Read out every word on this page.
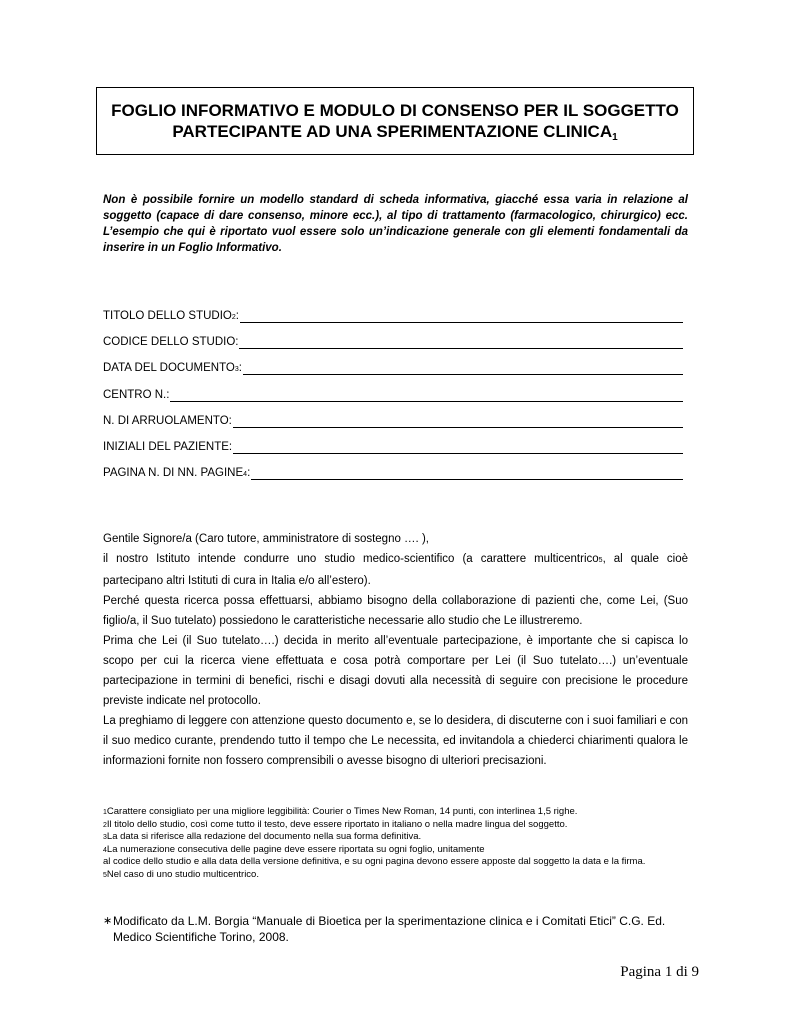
FOGLIO INFORMATIVO E MODULO DI CONSENSO PER IL SOGGETTO
PARTECIPANTE AD UNA SPERIMENTAZIONE $CLINICA_1$
Non è possibile fornire un modello standard di scheda informativa, giacché essa varia in relazione al soggetto (capace di dare consenso, minore ecc.), al tipo di trattamento (farmacologico, chirurgico) ecc. L’esempio che qui è riportato vuol essere solo un’indicazione generale con gli elementi fondamentali da inserire in un Foglio Informativo.
TITOLO DELLO STUDIO2:
CODICE DELLO STUDIO:
DATA DEL DOCUMENTO3:
CENTRO N.:
N. DI ARRUOLAMENTO:
INIZIALI DEL PAZIENTE:
PAGINA N. DI NN. PAGINE4:

Gentile Signore/a (Caro tutore, amministratore di sostegno …. ),

il nostro Istituto intende condurre uno studio medico-scientifico (a carattere multicentrico5, al quale cioè partecipano altri Istituti di cura in Italia e/o all’estero).

Perché questa ricerca possa effettuarsi, abbiamo bisogno della collaborazione di pazienti che, come Lei, (Suo figlio/a, il Suo tutelato) possiedono le caratteristiche necessarie allo studio che Le illustreremo.

Prima che Lei (il Suo tutelato….) decida in merito all’eventuale partecipazione, è importante che si capisca lo scopo per cui la ricerca viene effettuata e cosa potrà comportare per Lei (il Suo tutelato….) un’eventuale partecipazione in termini di benefici, rischi e disagi dovuti alla necessità di seguire con precisione le procedure previste indicate nel protocollo.

La preghiamo di leggere con attenzione questo documento e, se lo desidera, di discuterne con i suoi familiari e con il suo medico curante, prendendo tutto il tempo che Le necessita, ed invitandola a chiederci chiarimenti qualora le informazioni fornite non fossero comprensibili o avesse bisogno di ulteriori precisazioni.

1Carattere consigliato per una migliore leggibilità: Courier o Times New Roman, 14 punti, con interlinea 1,5 righe.
2Il titolo dello studio, così come tutto il testo, deve essere riportato in italiano o nella madre lingua del soggetto.
3La data si riferisce alla redazione del documento nella sua forma definitiva.
4La numerazione consecutiva delle pagine deve essere riportata su ogni foglio, unitamente
al codice dello studio e alla data della versione definitiva, e su ogni pagina devono essere apposte dal soggetto la data e la firma.
5Nel caso di uno studio multicentrico.
∗ Modificato da L.M. Borgia “Manuale di Bioetica per la sperimentazione clinica e i Comitati Etici” C.G. Ed.
Medico Scientifiche Torino, 2008.
Pagina 1 di 9
